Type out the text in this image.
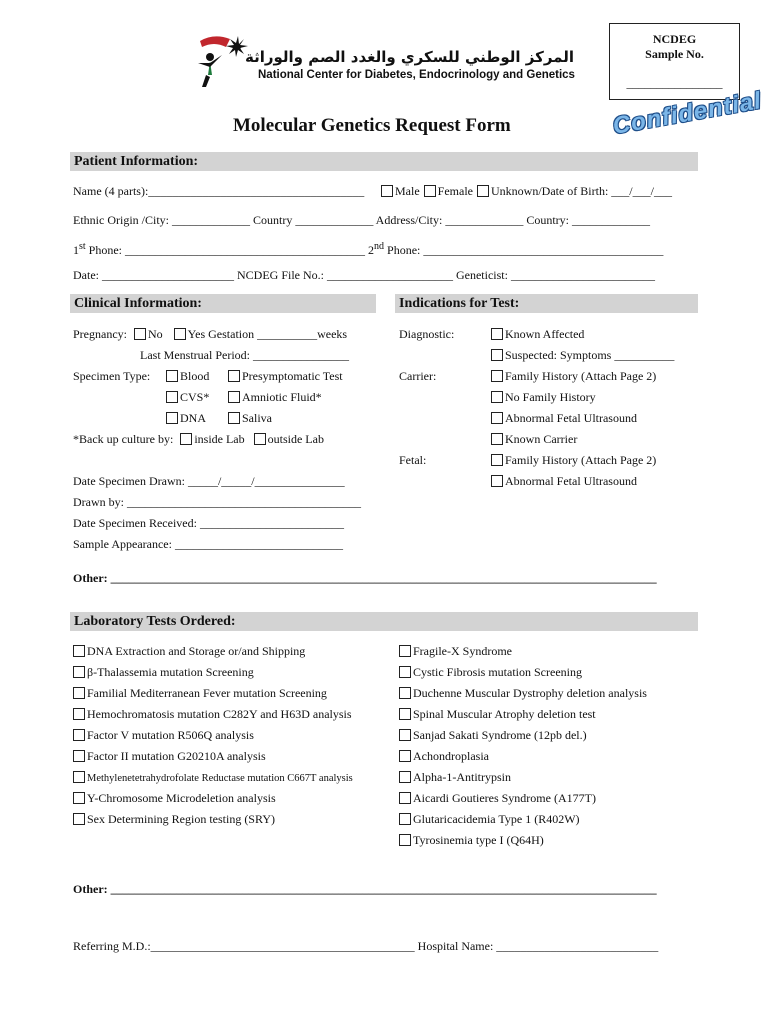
المركز الوطني للسكري والغدد الصم والوراثة
National Center for Diabetes, Endocrinology and Genetics
NCDEG
Sample No.
________________
Confidential
Molecular Genetics Request Form
Patient Information:
Name (4 parts):____________________________________	Male Female Unknown/Date of Birth: ___/___/___
Ethnic Origin /City: _____________ Country _____________ Address/City: _____________ Country: _____________
1st Phone: ________________________________________ 2nd Phone: ________________________________________
Date: ______________________ NCDEG File No.: _____________________ Geneticist: ________________________
Clinical Information:	Indications for Test:
Pregnancy: No Yes Gestation __________weeks
Last Menstrual Period: ________________
Specimen Type:	Blood	Presymptomatic Test
CVS*	Amniotic Fluid*
DNA	Saliva
*Back up culture by: inside Lab outside Lab
Date Specimen Drawn: _____/_____/_______________
Drawn by: _______________________________________
Date Specimen Received: ________________________
Sample Appearance: ____________________________
Diagnostic:	Known Affected
Suspected: Symptoms __________
Carrier:	Family History (Attach Page 2)
No Family History
Abnormal Fetal Ultrasound
Known Carrier
Fetal:	Family History (Attach Page 2)
Abnormal Fetal Ultrasound
Other: ___________________________________________________________________________________________
Laboratory Tests Ordered:
DNA Extraction and Storage or/and Shipping
β-Thalassemia mutation Screening
Familial Mediterranean Fever mutation Screening
Hemochromatosis mutation C282Y and H63D analysis
Factor V mutation R506Q analysis
Factor II mutation G20210A analysis
Methylenetetrahydrofolate Reductase mutation C667T analysis
Y-Chromosome Microdeletion analysis
Sex Determining Region testing (SRY)
Fragile-X Syndrome
Cystic Fibrosis mutation Screening
Duchenne Muscular Dystrophy deletion analysis
Spinal Muscular Atrophy deletion test
Sanjad Sakati Syndrome (12pb del.)
Achondroplasia
Alpha-1-Antitrypsin
Aicardi Goutieres Syndrome (A177T)
Glutaricacidemia Type 1 (R402W)
Tyrosinemia type I (Q64H)
Other: ___________________________________________________________________________________________
Referring M.D.:____________________________________________ Hospital Name: ___________________________
